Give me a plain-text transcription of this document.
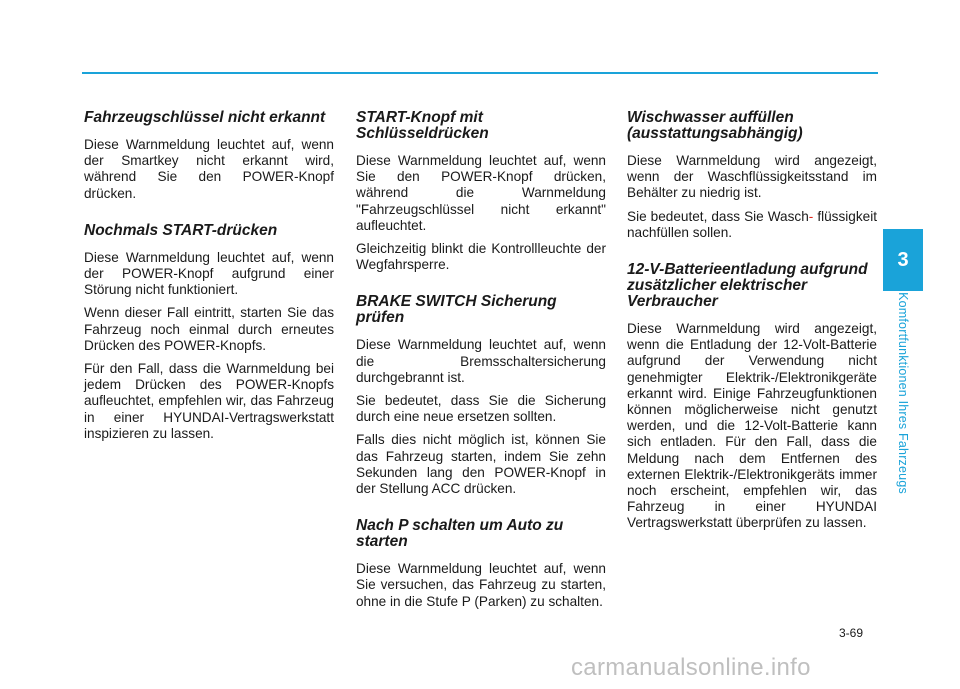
Fahrzeugschlüssel nicht erkannt

Diese Warnmeldung leuchtet auf, wenn der Smartkey nicht erkannt wird, während Sie den POWER-Knopf drücken.

Nochmals START-drücken

Diese Warnmeldung leuchtet auf, wenn der POWER-Knopf aufgrund einer Störung nicht funktioniert.

Wenn dieser Fall eintritt, starten Sie das Fahrzeug noch einmal durch erneutes Drücken des POWER-Knopfs.

Für den Fall, dass die Warnmeldung bei jedem Drücken des POWER-Knopfs aufleuchtet, empfehlen wir, das Fahrzeug in einer HYUNDAI-Vertragswerkstatt inspizieren zu lassen.

START-Knopf mit Schlüsseldrücken

Diese Warnmeldung leuchtet auf, wenn Sie den POWER-Knopf drücken, während die Warnmeldung "Fahrzeugschlüssel nicht erkannt" aufleuchtet.

Gleichzeitig blinkt die Kontrollleuchte der Wegfahrsperre.

BRAKE SWITCH Sicherung prüfen

Diese Warnmeldung leuchtet auf, wenn die Bremsschaltersicherung durchgebrannt ist.

Sie bedeutet, dass Sie die Sicherung durch eine neue ersetzen sollten.

Falls dies nicht möglich ist, können Sie das Fahrzeug starten, indem Sie zehn Sekunden lang den POWER-Knopf in der Stellung ACC drücken.

Nach P schalten um Auto zu starten

Diese Warnmeldung leuchtet auf, wenn Sie versuchen, das Fahrzeug zu starten, ohne in die Stufe P (Parken) zu schalten.

Wischwasser auffüllen (ausstattungsabhängig)

Diese Warnmeldung wird angezeigt, wenn der Waschflüssigkeitsstand im Behälter zu niedrig ist.

Sie bedeutet, dass Sie Wasch- flüssigkeit nachfüllen sollen.

12-V-Batterieentladung aufgrund zusätzlicher elektrischer Verbraucher

Diese Warnmeldung wird angezeigt, wenn die Entladung der 12-Volt-Batterie aufgrund der Verwendung nicht genehmigter Elektrik-/Elektronikgeräte erkannt wird. Einige Fahrzeugfunktionen können möglicherweise nicht genutzt werden, und die 12-Volt-Batterie kann sich entladen. Für den Fall, dass die Meldung nach dem Entfernen des externen Elektrik-/Elektronikgeräts immer noch erscheint, empfehlen wir, das Fahrzeug in einer HYUNDAI Vertragswerkstatt überprüfen zu lassen.

3
Komfortfunktionen Ihres Fahrzeugs
3-69
carmanualsonline.info
